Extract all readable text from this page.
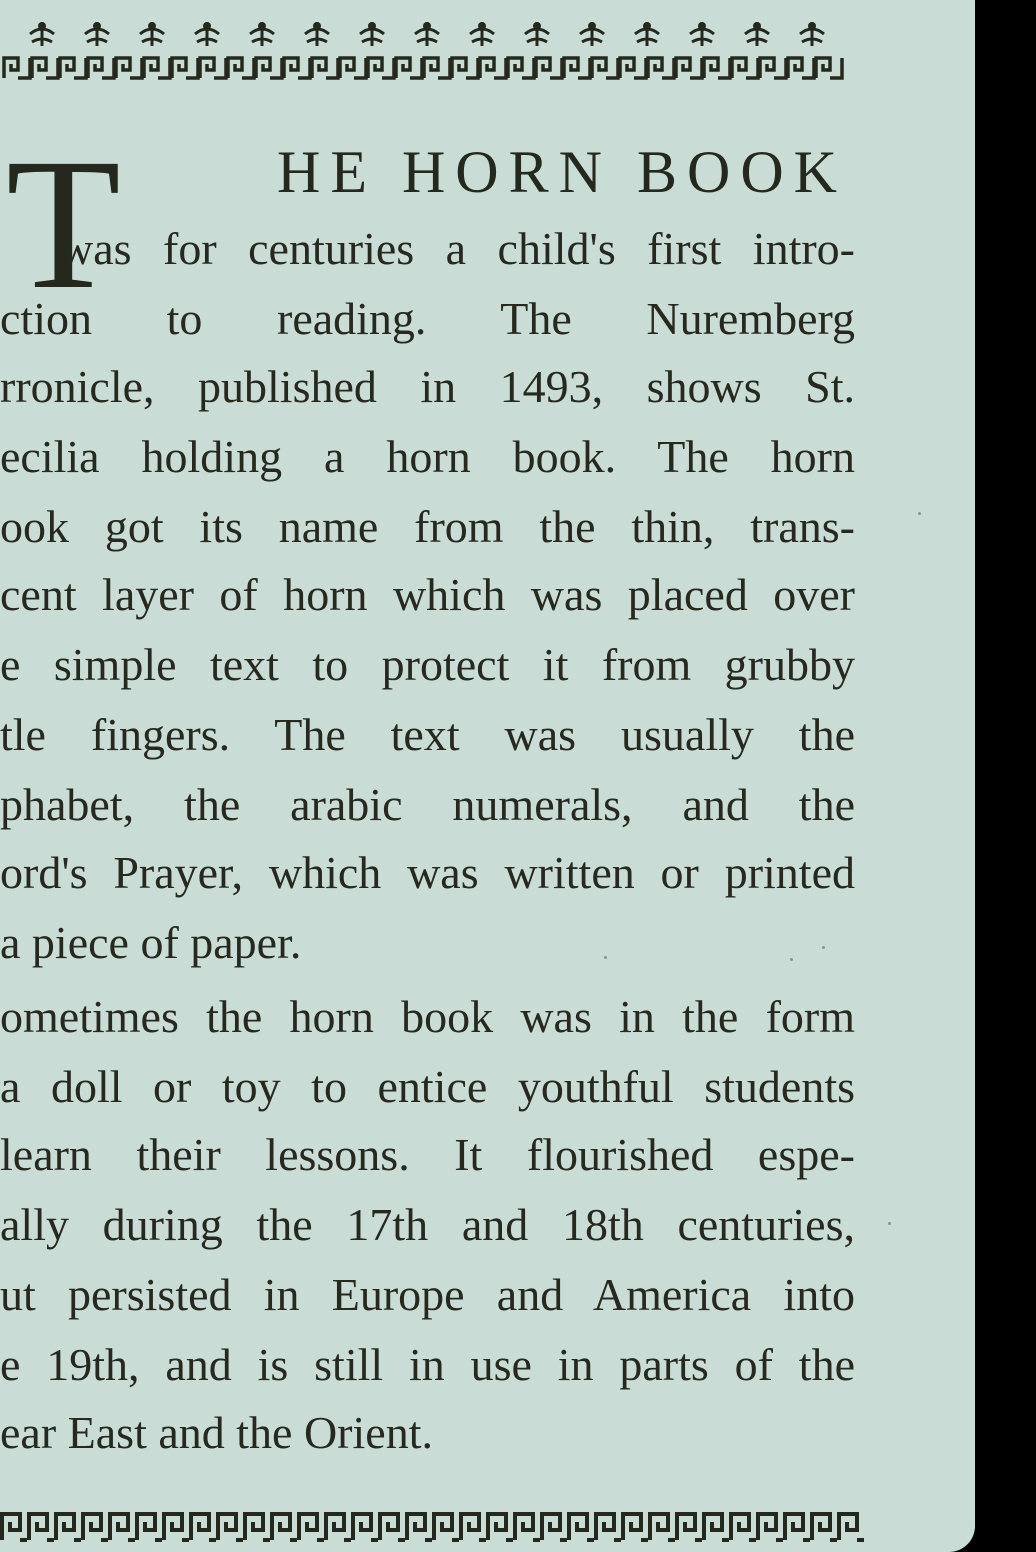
T	HE HORN BOOK
was for centuries a child's first intro-
ction to reading. The Nuremberg
rronicle, published in 1493, shows St.
ecilia holding a horn book. The horn
ook got its name from the thin, trans-
cent layer of horn which was placed over
e simple text to protect it from grubby
tle fingers. The text was usually the
phabet, the arabic numerals, and the
ord's Prayer, which was written or printed
a piece of paper.
ometimes the horn book was in the form
a doll or toy to entice youthful students
learn their lessons. It flourished espe-
ally during the 17th and 18th centuries,
ut persisted in Europe and America into
e 19th, and is still in use in parts of the
ear East and the Orient.
